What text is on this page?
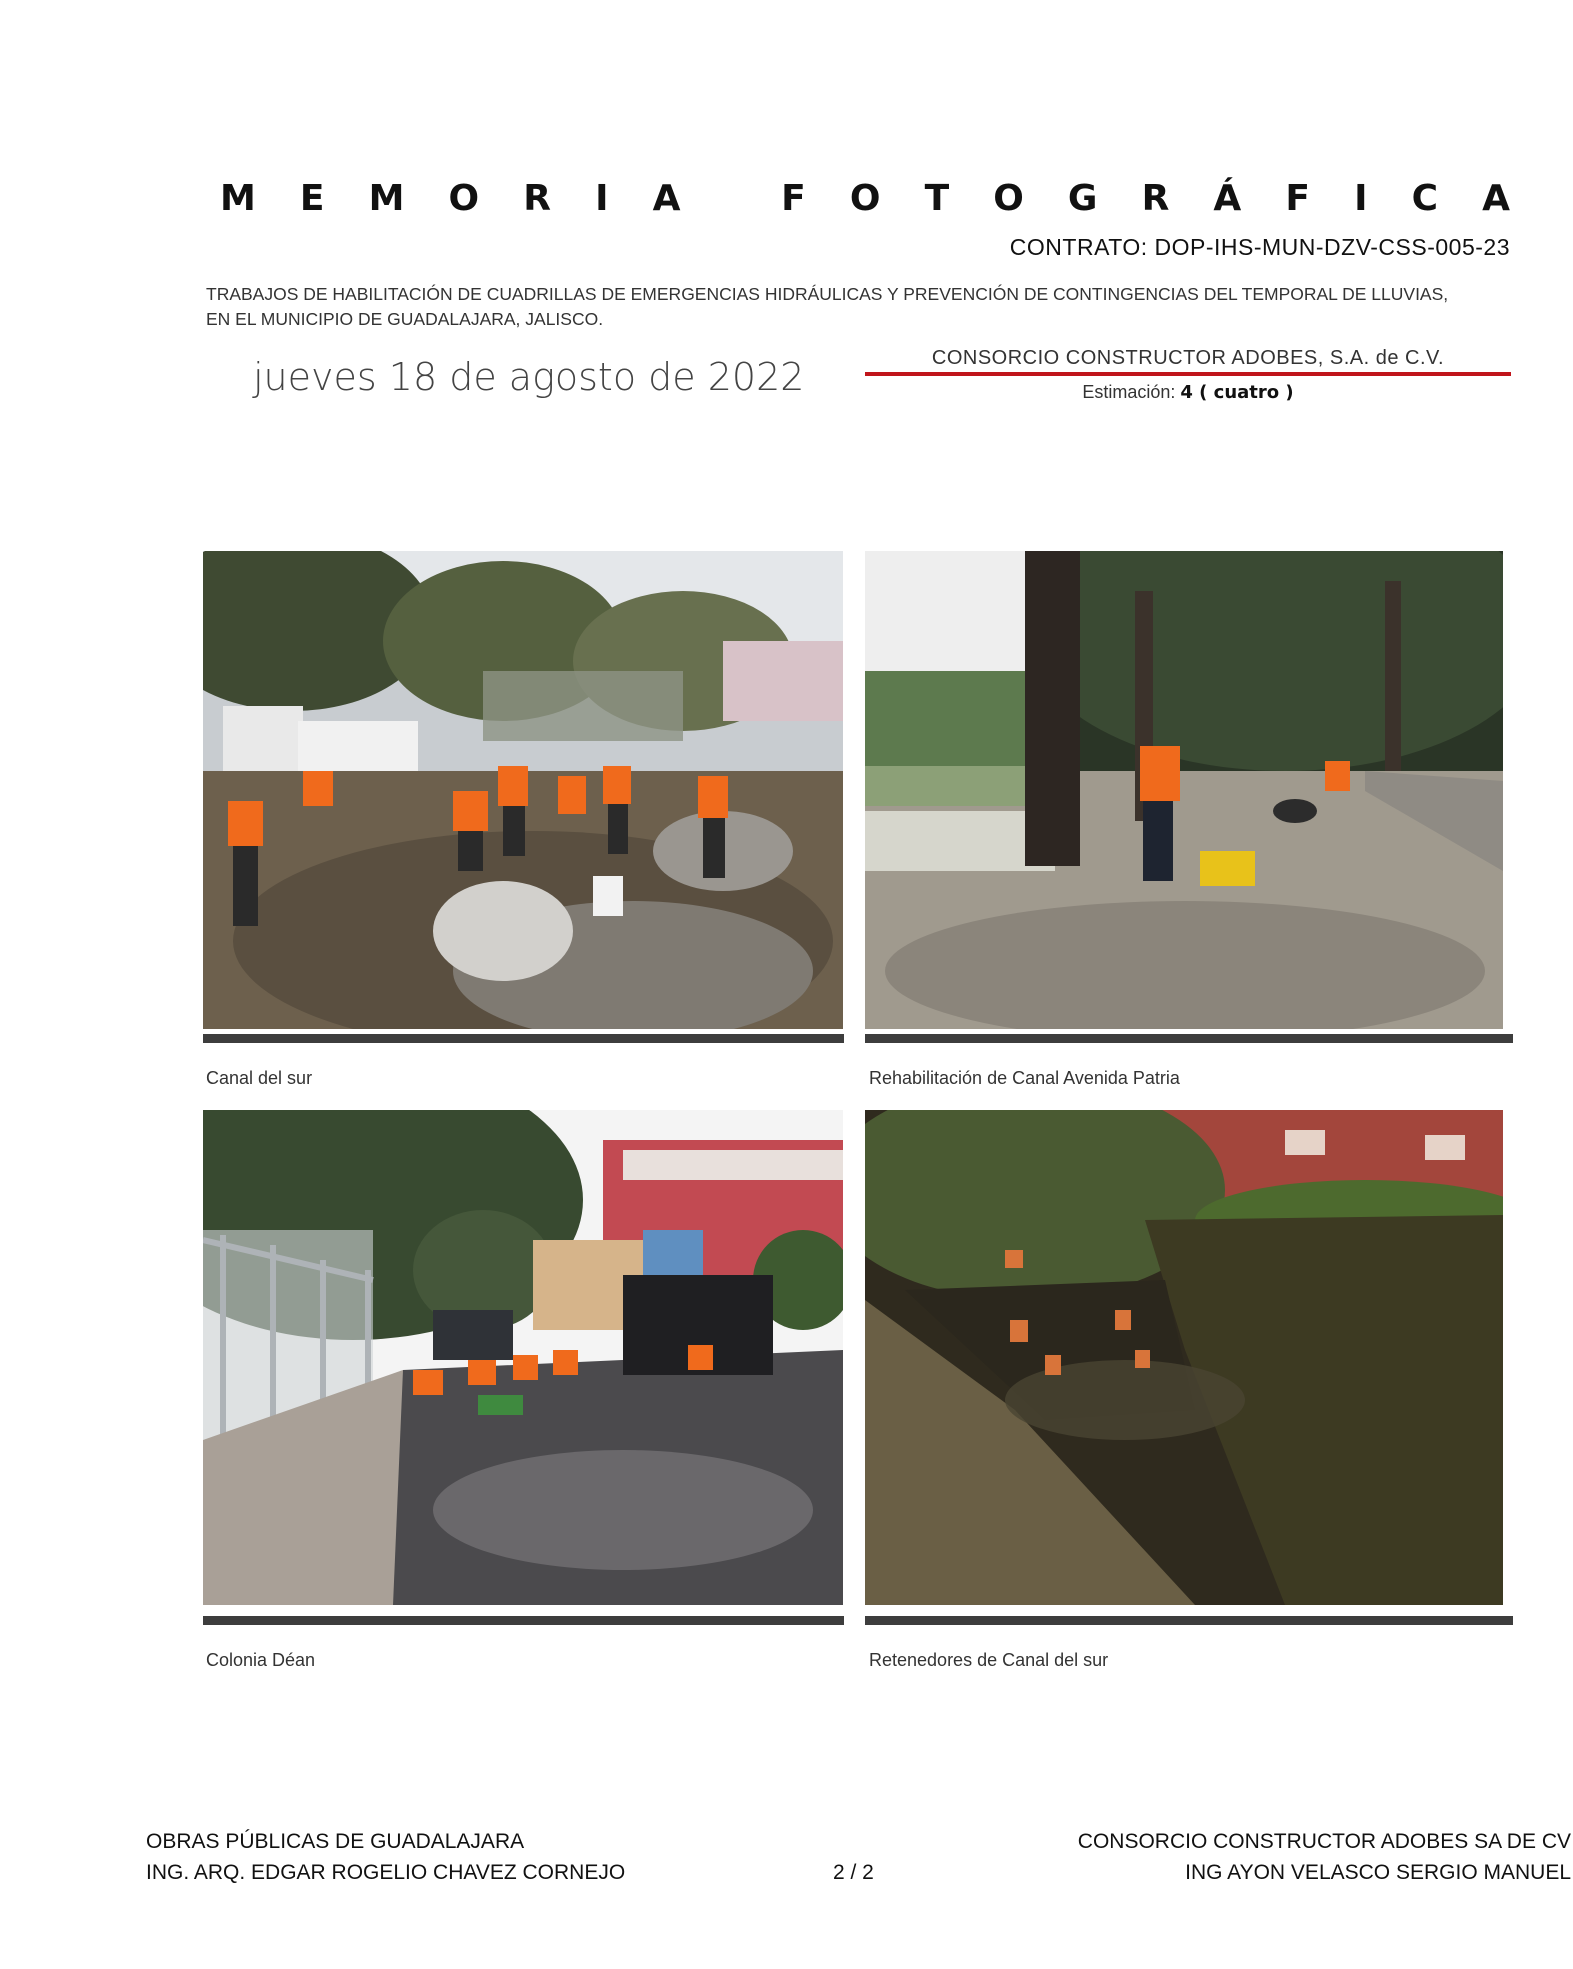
M E M O R I A
	F O T O G R Á F I C A
CONTRATO: DOP-IHS-MUN-DZV-CSS-005-23
TRABAJOS DE HABILITACIÓN DE CUADRILLAS DE EMERGENCIAS HIDRÁULICAS Y PREVENCIÓN DE CONTINGENCIAS DEL TEMPORAL DE LLUVIAS,
EN EL MUNICIPIO DE GUADALAJARA, JALISCO.
jueves 18 de agosto de 2022	CONSORCIO CONSTRUCTOR ADOBES, S.A. de C.V.
Estimación: 4 ( cuatro )
Canal del sur	Rehabilitación de Canal Avenida Patria
Colonia Déan	Retenedores de Canal del sur
OBRAS PÚBLICAS DE GUADALAJARA
ING. ARQ. EDGAR ROGELIO CHAVEZ CORNEJO	2 / 2
CONSORCIO CONSTRUCTOR ADOBES SA DE CV
ING AYON VELASCO SERGIO MANUEL
